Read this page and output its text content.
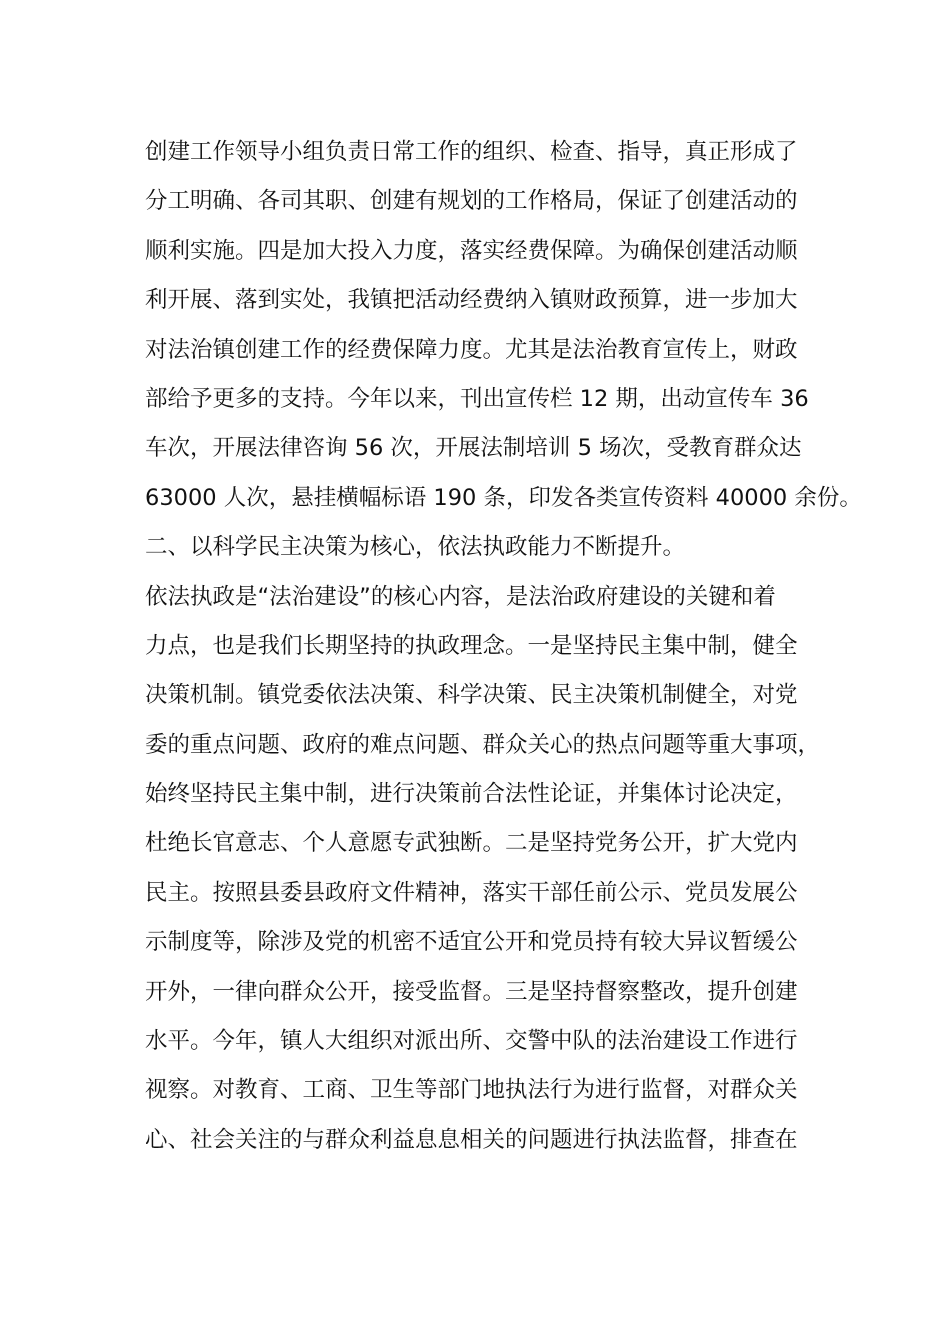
创建工作领导小组负责日常工作的组织、检查、指导，真正形成了
分工明确、各司其职、创建有规划的工作格局，保证了创建活动的
顺利实施。四是加大投入力度，落实经费保障。为确保创建活动顺
利开展、落到实处，我镇把活动经费纳入镇财政预算，进一步加大
对法治镇创建工作的经费保障力度。尤其是法治教育宣传上，财政
部给予更多的支持。今年以来，刊出宣传栏 12 期，出动宣传车 36
车次，开展法律咨询 56 次，开展法制培训 5 场次，受教育群众达
63000 人次，悬挂横幅标语 190 条，印发各类宣传资料 40000 余份。
二、以科学民主决策为核心，依法执政能力不断提升。
依法执政是“法治建设”的核心内容，是法治政府建设的关键和着
力点，也是我们长期坚持的执政理念。一是坚持民主集中制，健全
决策机制。镇党委依法决策、科学决策、民主决策机制健全，对党
委的重点问题、政府的难点问题、群众关心的热点问题等重大事项，
始终坚持民主集中制，进行决策前合法性论证，并集体讨论决定，
杜绝长官意志、个人意愿专武独断。二是坚持党务公开，扩大党内
民主。按照县委县政府文件精神，落实干部任前公示、党员发展公
示制度等，除涉及党的机密不适宜公开和党员持有较大异议暂缓公
开外，一律向群众公开，接受监督。三是坚持督察整改，提升创建
水平。今年，镇人大组织对派出所、交警中队的法治建设工作进行
视察。对教育、工商、卫生等部门地执法行为进行监督，对群众关
心、社会关注的与群众利益息息相关的问题进行执法监督，排查在
